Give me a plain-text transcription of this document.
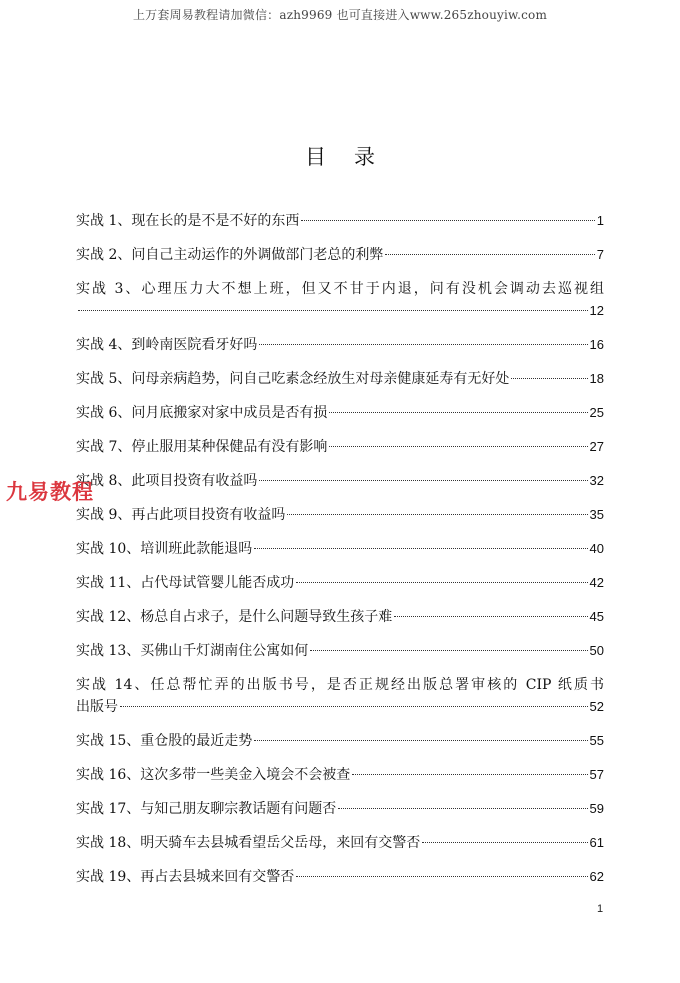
上万套周易教程请加微信：azh9969 也可直接进入www.265zhouyiw.com
目录
实战 1、现在长的是不是不好的东西	1
实战 2、问自己主动运作的外调做部门老总的利弊	7
实战 3、心理压力大不想上班，但又不甘于内退，问有没机会调动去巡视组
12
实战 4、到岭南医院看牙好吗	16
实战 5、问母亲病趋势，问自己吃素念经放生对母亲健康延寿有无好处	18
实战 6、问月底搬家对家中成员是否有损	25
实战 7、停止服用某种保健品有没有影响	27
实战 8、此项目投资有收益吗	32
实战 9、再占此项目投资有收益吗	35
实战 10、培训班此款能退吗	40
实战 11、占代母试管婴儿能否成功	42
实战 12、杨总自占求子，是什么问题导致生孩子难	45
实战 13、买佛山千灯湖南住公寓如何	50
实战 14、任总帮忙弄的出版书号，是否正规经出版总署审核的 CIP 纸质书
出版号	52
实战 15、重仓股的最近走势	55
实战 16、这次多带一些美金入境会不会被查	57
实战 17、与知己朋友聊宗教话题有问题否	59
实战 18、明天骑车去县城看望岳父岳母，来回有交警否	61
实战 19、再占去县城来回有交警否	62
九易教程
1
